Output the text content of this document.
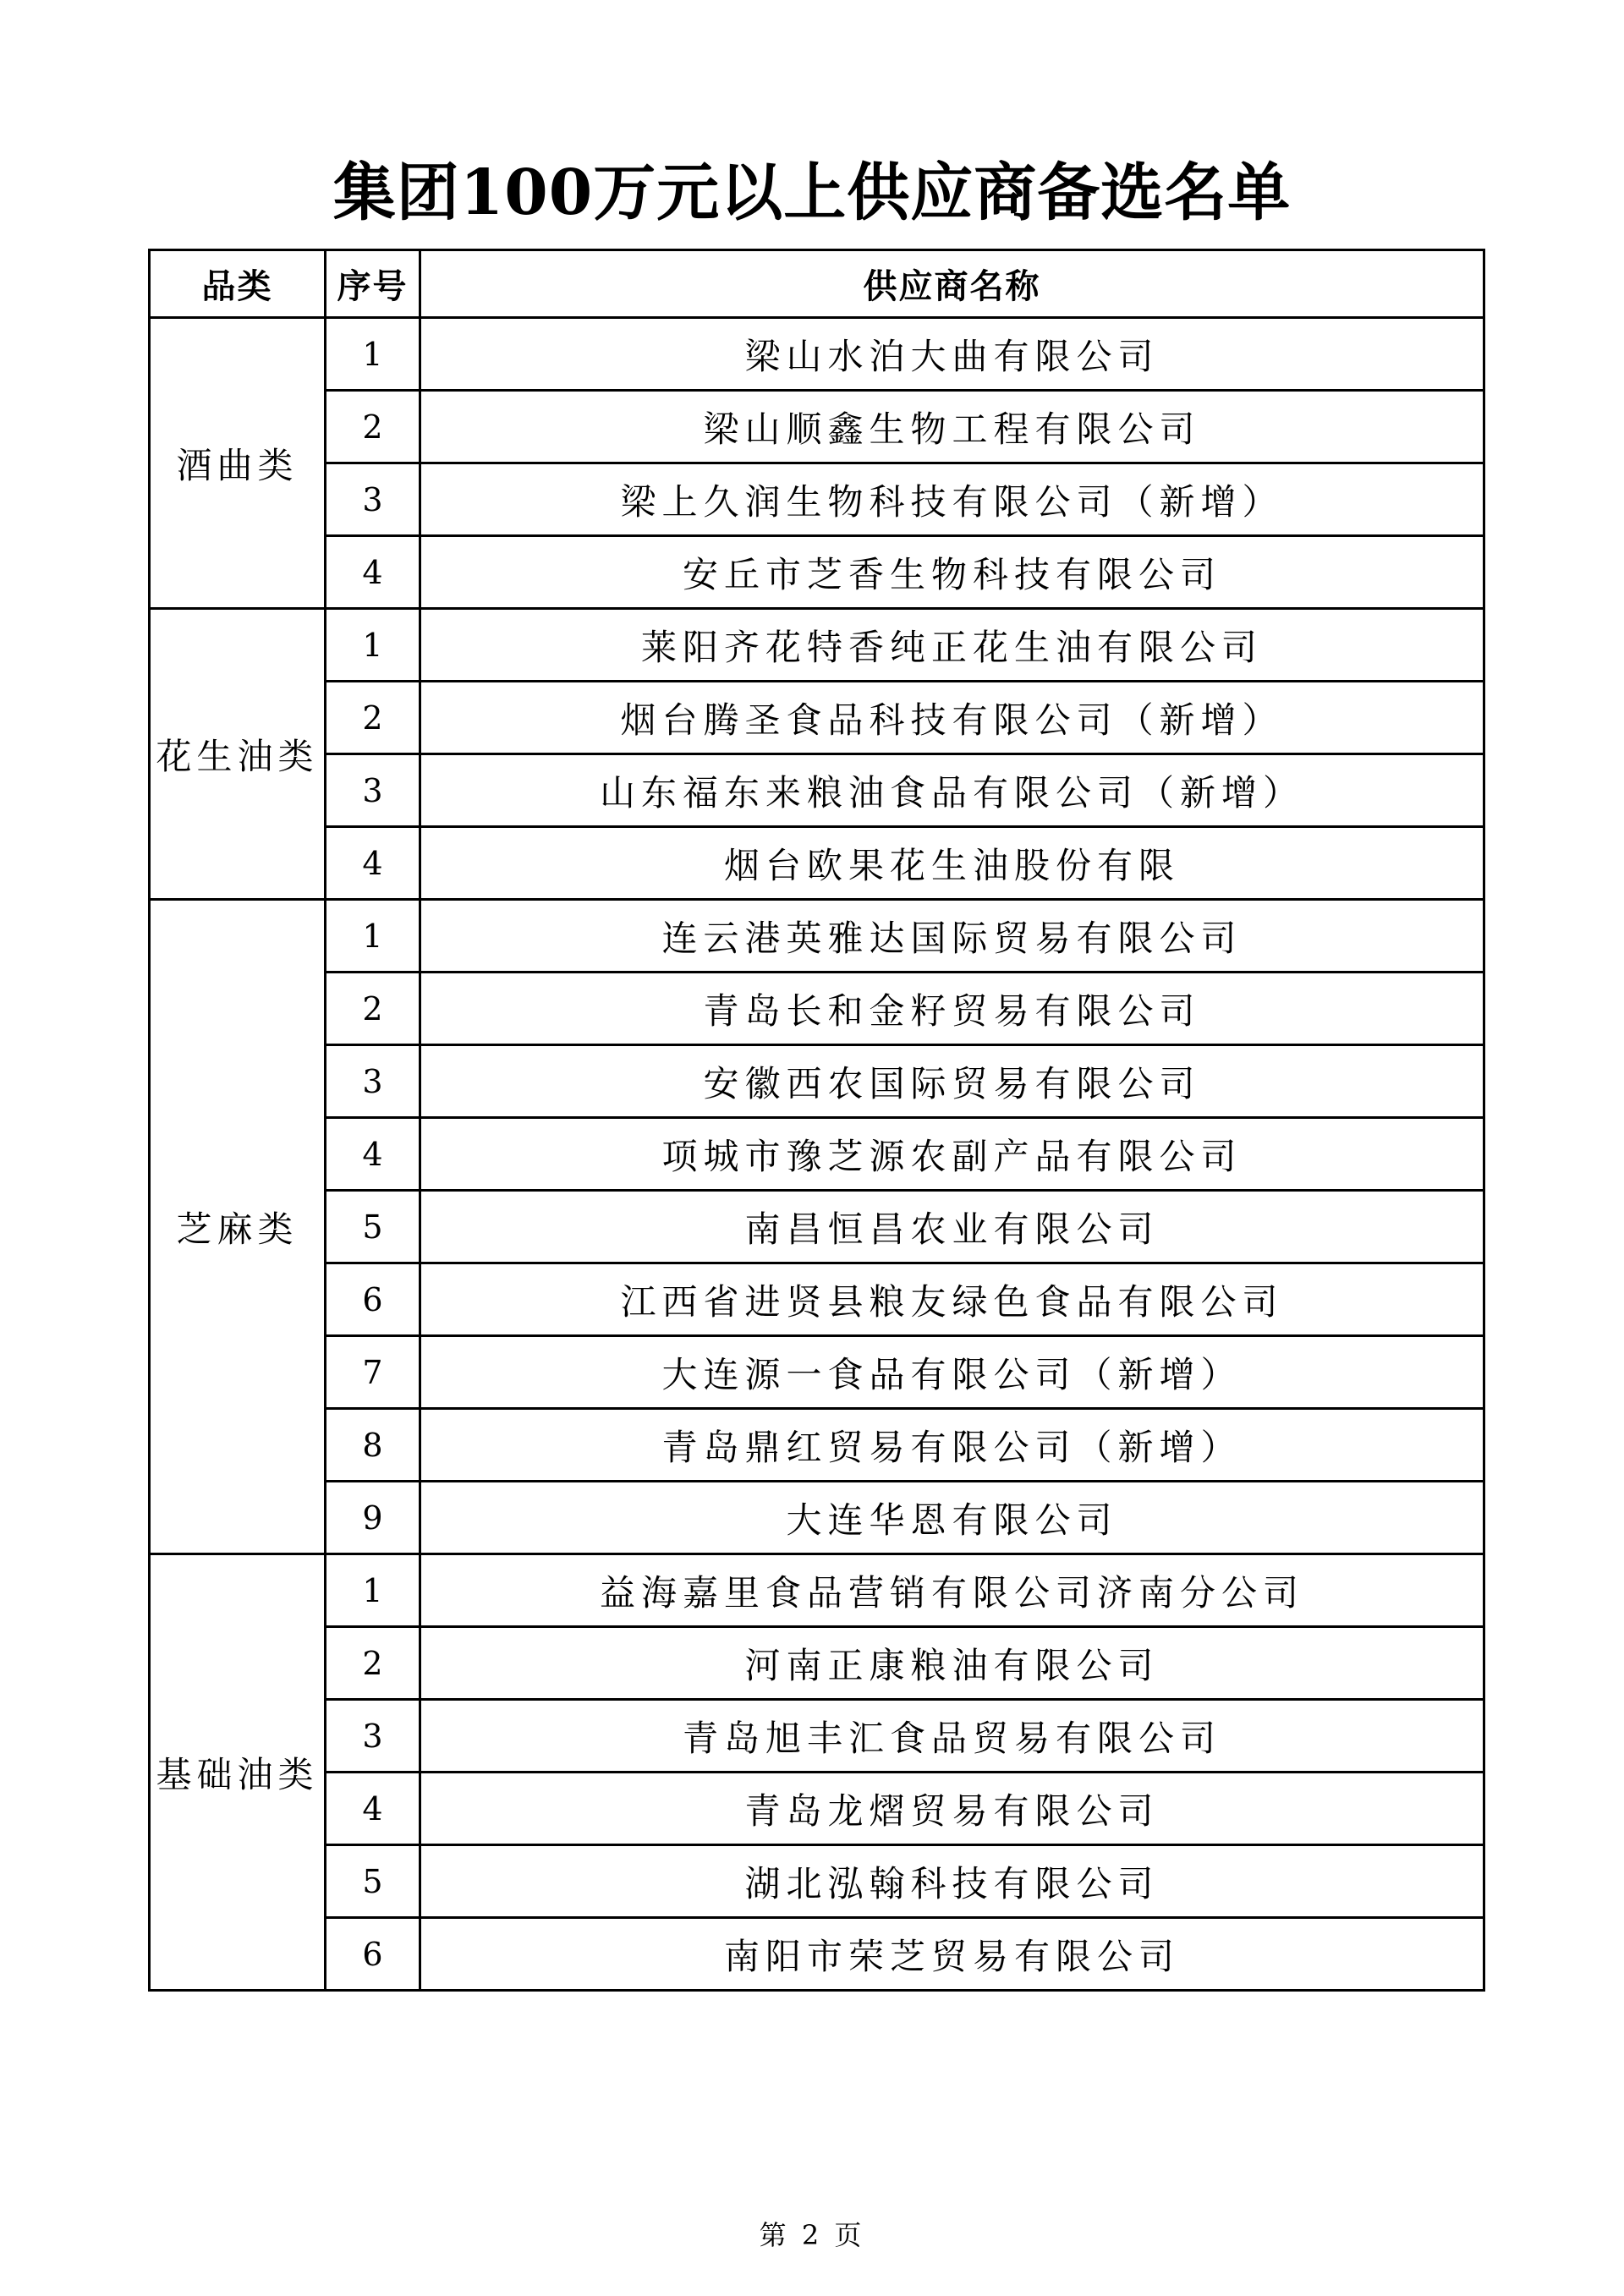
集团100万元以上供应商备选名单
品类	序号	供应商名称
酒曲类	1	梁山水泊大曲有限公司
	2	梁山顺鑫生物工程有限公司
	3	梁上久润生物科技有限公司（新增）
	4	安丘市芝香生物科技有限公司
花生油类	1	莱阳齐花特香纯正花生油有限公司
	2	烟台腾圣食品科技有限公司（新增）
	3	山东福东来粮油食品有限公司（新增）
	4	烟台欧果花生油股份有限
芝麻类	1	连云港英雅达国际贸易有限公司
	2	青岛长和金籽贸易有限公司
	3	安徽西农国际贸易有限公司
	4	项城市豫芝源农副产品有限公司
	5	南昌恒昌农业有限公司
	6	江西省进贤县粮友绿色食品有限公司
	7	大连源一食品有限公司（新增）
	8	青岛鼎红贸易有限公司（新增）
	9	大连华恩有限公司
基础油类	1	益海嘉里食品营销有限公司济南分公司
	2	河南正康粮油有限公司
	3	青岛旭丰汇食品贸易有限公司
	4	青岛龙熠贸易有限公司
	5	湖北泓翰科技有限公司
	6	南阳市荣芝贸易有限公司
第 2 页
